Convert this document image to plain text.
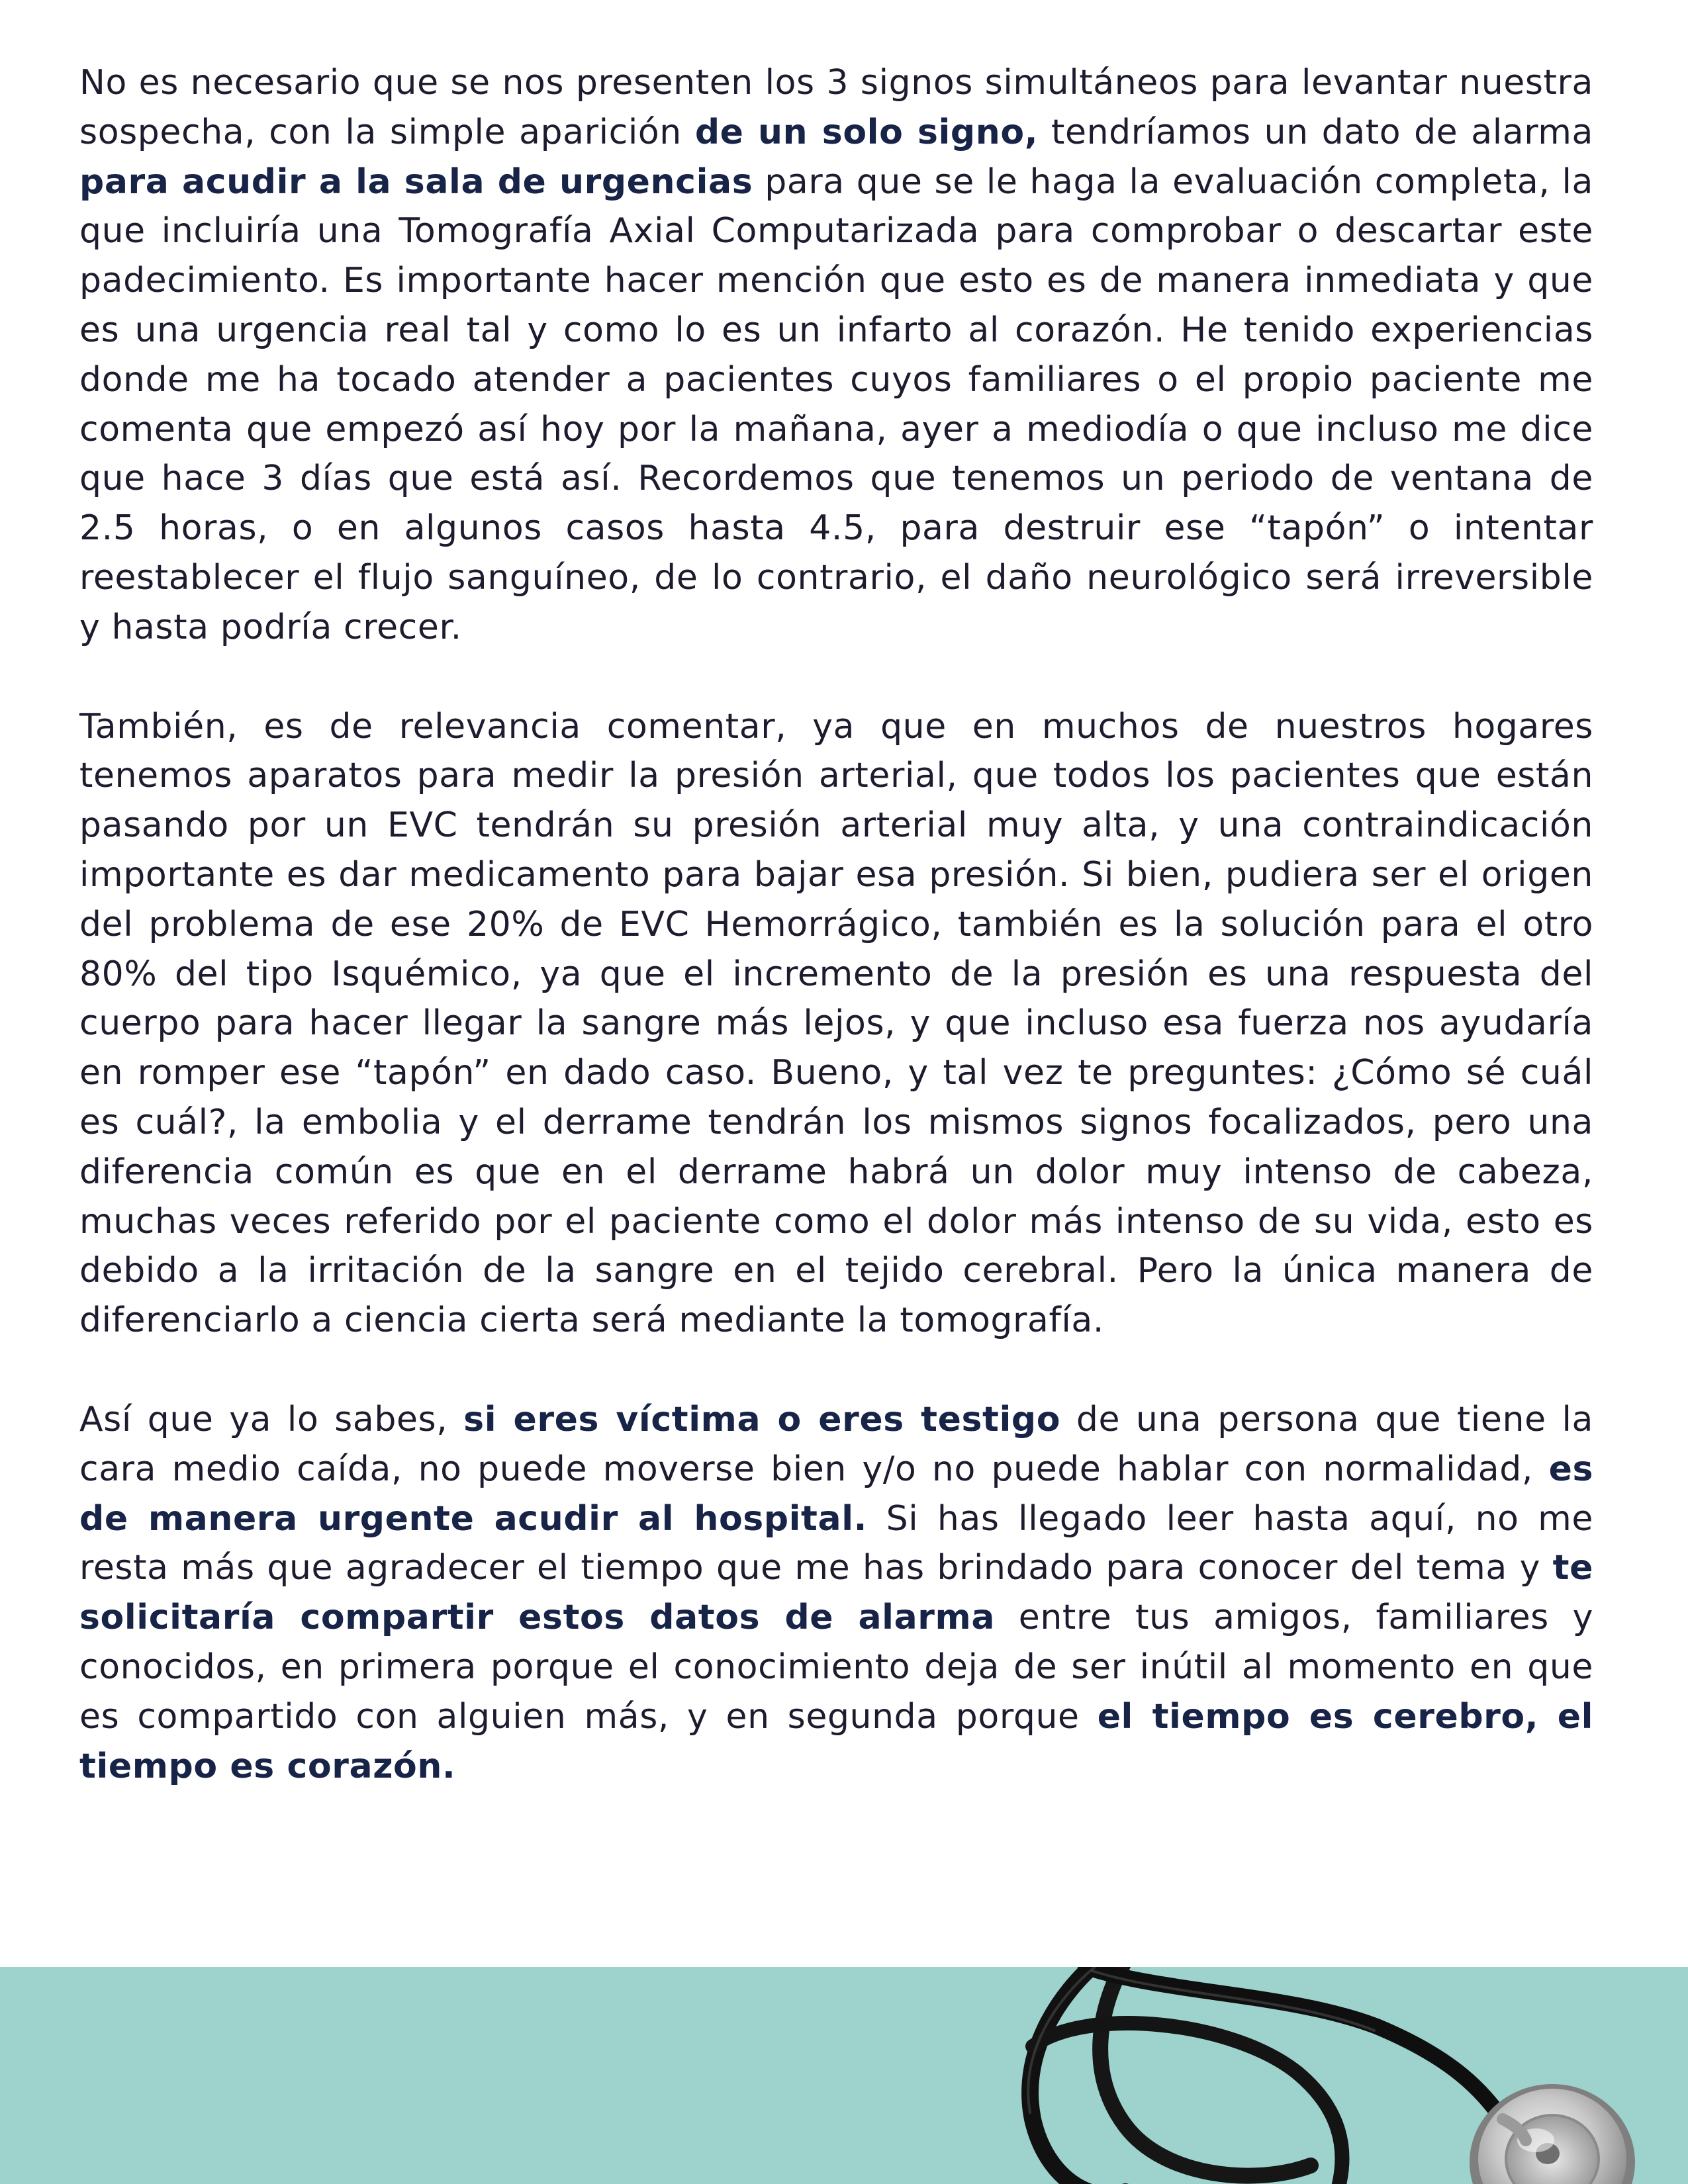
No es necesario que se nos presenten los 3 signos simultáneos para levantar nuestra sospecha, con la simple aparición de un solo signo, tendríamos un dato de alarma para acudir a la sala de urgencias para que se le haga la evaluación completa, la que incluiría una Tomografía Axial Computarizada para comprobar o descartar este padecimiento. Es importante hacer mención que esto es de manera inmediata y que es una urgencia real tal y como lo es un infarto al corazón. He tenido experiencias donde me ha tocado atender a pacientes cuyos familiares o el propio paciente me comenta que empezó así hoy por la mañana, ayer a mediodía o que incluso me dice que hace 3 días que está así. Recordemos que tenemos un periodo de ventana de 2.5 horas, o en algunos casos hasta 4.5, para destruir ese “tapón” o intentar reestablecer el flujo sanguíneo, de lo contrario, el daño neurológico será irreversible y hasta podría crecer.

También, es de relevancia comentar, ya que en muchos de nuestros hogares tenemos aparatos para medir la presión arterial, que todos los pacientes que están pasando por un EVC tendrán su presión arterial muy alta, y una contraindicación importante es dar medicamento para bajar esa presión. Si bien, pudiera ser el origen del problema de ese 20% de EVC Hemorrágico, también es la solución para el otro 80% del tipo Isquémico, ya que el incremento de la presión es una respuesta del cuerpo para hacer llegar la sangre más lejos, y que incluso esa fuerza nos ayudaría en romper ese “tapón” en dado caso. Bueno, y tal vez te preguntes: ¿Cómo sé cuál es cuál?, la embolia y el derrame tendrán los mismos signos focalizados, pero una diferencia común es que en el derrame habrá un dolor muy intenso de cabeza, muchas veces referido por el paciente como el dolor más intenso de su vida, esto es debido a la irritación de la sangre en el tejido cerebral. Pero la única manera de diferenciarlo a ciencia cierta será mediante la tomografía.

Así que ya lo sabes, si eres víctima o eres testigo de una persona que tiene la cara medio caída, no puede moverse bien y/o no puede hablar con normalidad, es de manera urgente acudir al hospital. Si has llegado leer hasta aquí, no me resta más que agradecer el tiempo que me has brindado para conocer del tema y te solicitaría compartir estos datos de alarma entre tus amigos, familiares y conocidos, en primera porque el conocimiento deja de ser inútil al momento en que es compartido con alguien más, y en segunda porque el tiempo es cerebro, el tiempo es corazón.
